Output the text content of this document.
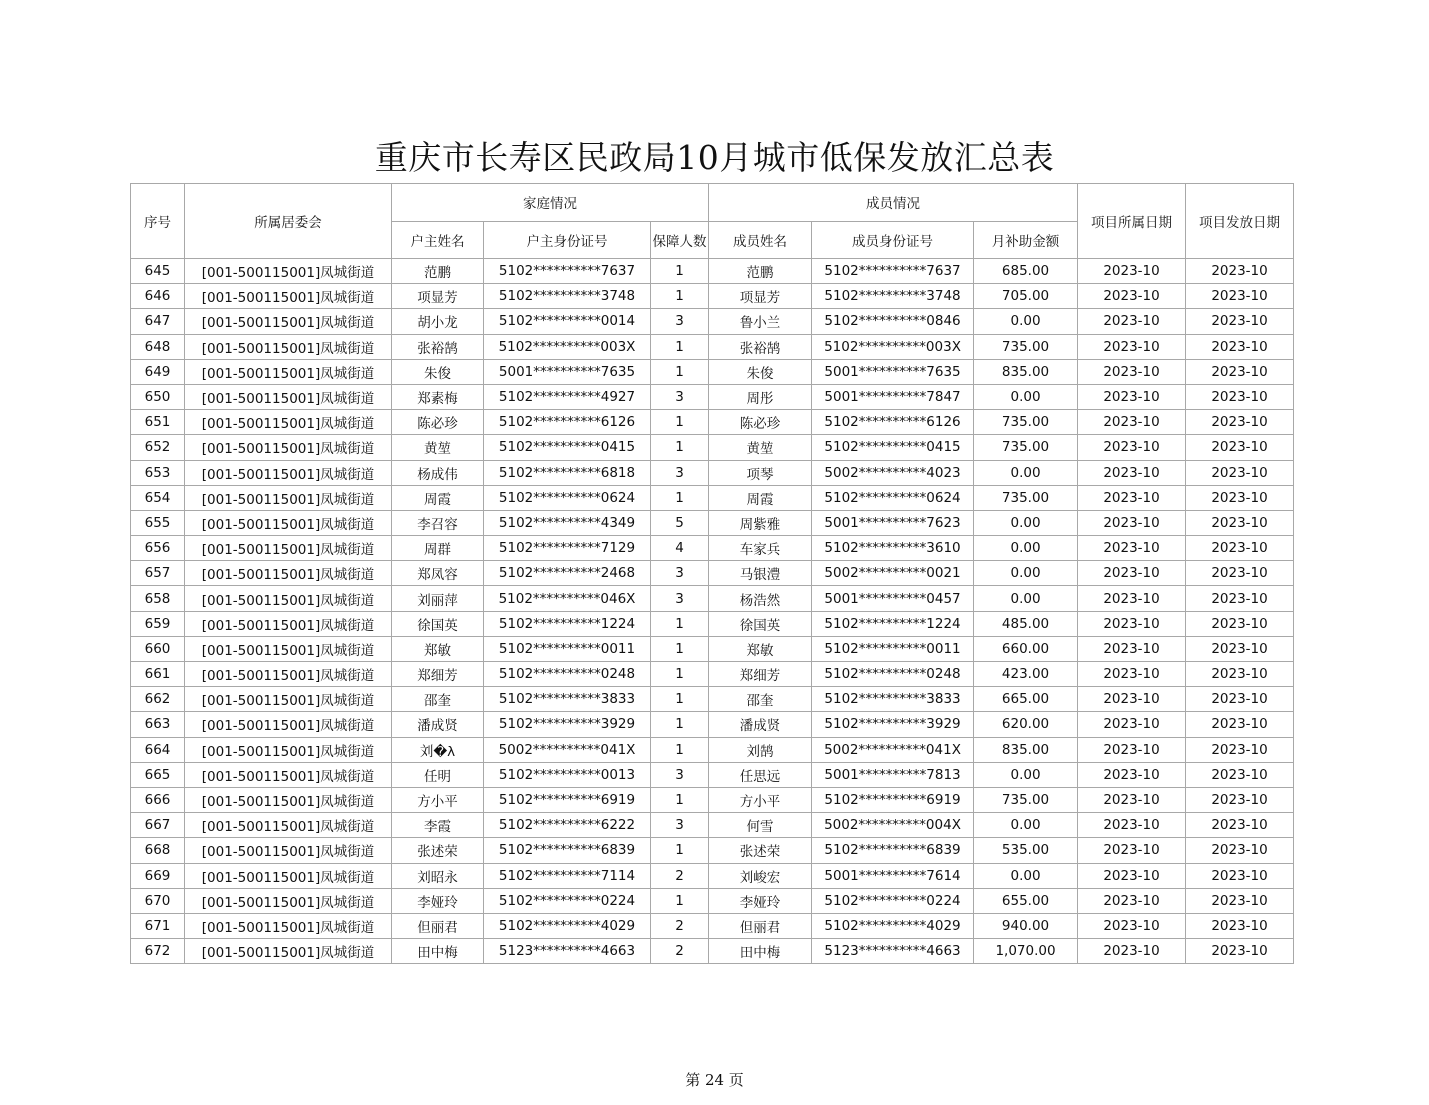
重庆市长寿区民政局10月城市低保发放汇总表
序号	所属居委会	家庭情况			成员情况			项目所属日期	项目发放日期
		户主姓名	户主身份证号	保障人数	成员姓名	成员身份证号	月补助金额		
645	[001-500115001]凤城街道	范鹏	5102**********7637	1	范鹏	5102**********7637	685.00	2023-10	2023-10
646	[001-500115001]凤城街道	项显芳	5102**********3748	1	项显芳	5102**********3748	705.00	2023-10	2023-10
647	[001-500115001]凤城街道	胡小龙	5102**********0014	3	鲁小兰	5102**********0846	0.00	2023-10	2023-10
648	[001-500115001]凤城街道	张裕鹄	5102**********003X	1	张裕鹄	5102**********003X	735.00	2023-10	2023-10
649	[001-500115001]凤城街道	朱俊	5001**********7635	1	朱俊	5001**********7635	835.00	2023-10	2023-10
650	[001-500115001]凤城街道	郑素梅	5102**********4927	3	周彤	5001**********7847	0.00	2023-10	2023-10
651	[001-500115001]凤城街道	陈必珍	5102**********6126	1	陈必珍	5102**********6126	735.00	2023-10	2023-10
652	[001-500115001]凤城街道	黄堃	5102**********0415	1	黄堃	5102**********0415	735.00	2023-10	2023-10
653	[001-500115001]凤城街道	杨成伟	5102**********6818	3	项琴	5002**********4023	0.00	2023-10	2023-10
654	[001-500115001]凤城街道	周霞	5102**********0624	1	周霞	5102**********0624	735.00	2023-10	2023-10
655	[001-500115001]凤城街道	李召容	5102**********4349	5	周紫雅	5001**********7623	0.00	2023-10	2023-10
656	[001-500115001]凤城街道	周群	5102**********7129	4	车家兵	5102**********3610	0.00	2023-10	2023-10
657	[001-500115001]凤城街道	郑凤容	5102**********2468	3	马银澧	5002**********0021	0.00	2023-10	2023-10
658	[001-500115001]凤城街道	刘丽萍	5102**********046X	3	杨浩然	5001**********0457	0.00	2023-10	2023-10
659	[001-500115001]凤城街道	徐国英	5102**********1224	1	徐国英	5102**********1224	485.00	2023-10	2023-10
660	[001-500115001]凤城街道	郑敏	5102**********0011	1	郑敏	5102**********0011	660.00	2023-10	2023-10
661	[001-500115001]凤城街道	郑细芳	5102**********0248	1	郑细芳	5102**********0248	423.00	2023-10	2023-10
662	[001-500115001]凤城街道	邵奎	5102**********3833	1	邵奎	5102**********3833	665.00	2023-10	2023-10
663	[001-500115001]凤城街道	潘成贤	5102**********3929	1	潘成贤	5102**********3929	620.00	2023-10	2023-10
664	[001-500115001]凤城街道	刘�λ	5002**********041X	1	刘鹄	5002**********041X	835.00	2023-10	2023-10
665	[001-500115001]凤城街道	任明	5102**********0013	3	任思远	5001**********7813	0.00	2023-10	2023-10
666	[001-500115001]凤城街道	方小平	5102**********6919	1	方小平	5102**********6919	735.00	2023-10	2023-10
667	[001-500115001]凤城街道	李霞	5102**********6222	3	何雪	5002**********004X	0.00	2023-10	2023-10
668	[001-500115001]凤城街道	张述荣	5102**********6839	1	张述荣	5102**********6839	535.00	2023-10	2023-10
669	[001-500115001]凤城街道	刘昭永	5102**********7114	2	刘峻宏	5001**********7614	0.00	2023-10	2023-10
670	[001-500115001]凤城街道	李娅玲	5102**********0224	1	李娅玲	5102**********0224	655.00	2023-10	2023-10
671	[001-500115001]凤城街道	但丽君	5102**********4029	2	但丽君	5102**********4029	940.00	2023-10	2023-10
672	[001-500115001]凤城街道	田中梅	5123**********4663	2	田中梅	5123**********4663	1,070.00	2023-10	2023-10
第 24 页
